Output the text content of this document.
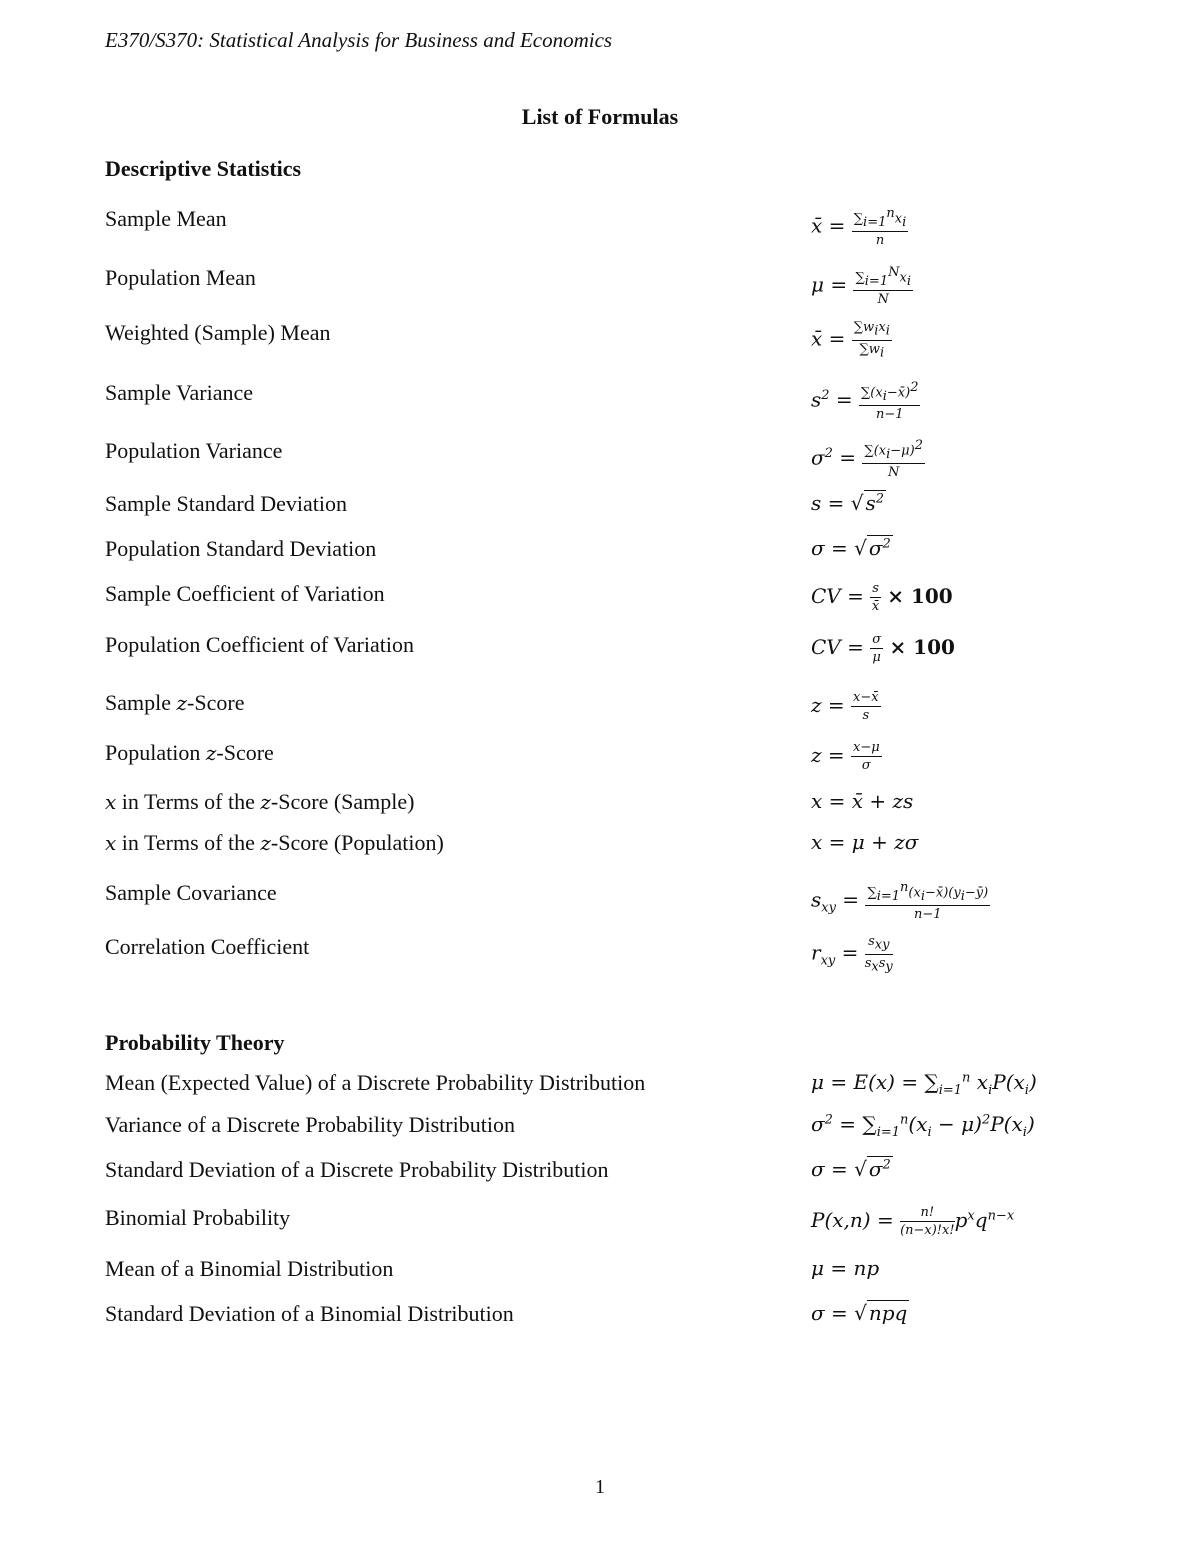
E370/S370: Statistical Analysis for Business and Economics
List of Formulas
Descriptive Statistics
Sample Mean	x̄ = $\frac{\sum_{i=1}^nx_i}{n}$
Population Mean	$\mu = \frac{\sum_{i=1}^Nx_i}{N}$
Weighted (Sample) Mean	x̄ = $\frac{\sum w_ix_i}{\sum w_i}$
Sample Variance	$s^2 = \frac{\sum(x_i-x̄)^2}{n-1}$
Population Variance	$\sigma^2 = \frac{\sum(x_i-\mu)^2}{N}$
Sample Standard Deviation	s = √ $s^2$
Population Standard Deviation	σ = √ $\sigma^2$
Sample Coefficient of Variation	CV = $\frac{s}{x̄} \times 100$
Population Coefficient of Variation	CV = $\frac{\sigma}{\mu} \times 100$
Sample z-Score	$z = \frac{x-x̄}{s}$
Population z-Score	$z = \frac{x-\mu}{\sigma}$
x in Terms of the z-Score (Sample)	x = x̄ + zs
x in Terms of the z-Score (Population)	x = μ + zσ
Sample Covariance	$s_{xy} = \frac{\sum_{i=1}^n(x_i-x̄)(y_i-ȳ)}{n-1}$
Correlation Coefficient	$r_{xy} = \frac{s_{xy}}{s_xs_y}$
Probability Theory
Mean (Expected Value) of a Discrete Probability Distribution	$\mu = E(x) = \sum_{i=1}^n$ $x_iP(x_i)$
Variance of a Discrete Probability Distribution	$\sigma^2 = \sum_{i=1}^n(x_i - \mu)^2P(x_i)$
Standard Deviation of a Discrete Probability Distribution	σ = √ $\sigma^2$
Binomial Probability	$P(x,n) = \frac{n!}{(n-x)!x!} p^xq^{n-x}$
Mean of a Binomial Distribution	μ = np
Standard Deviation of a Binomial Distribution	σ = √ npq
1
